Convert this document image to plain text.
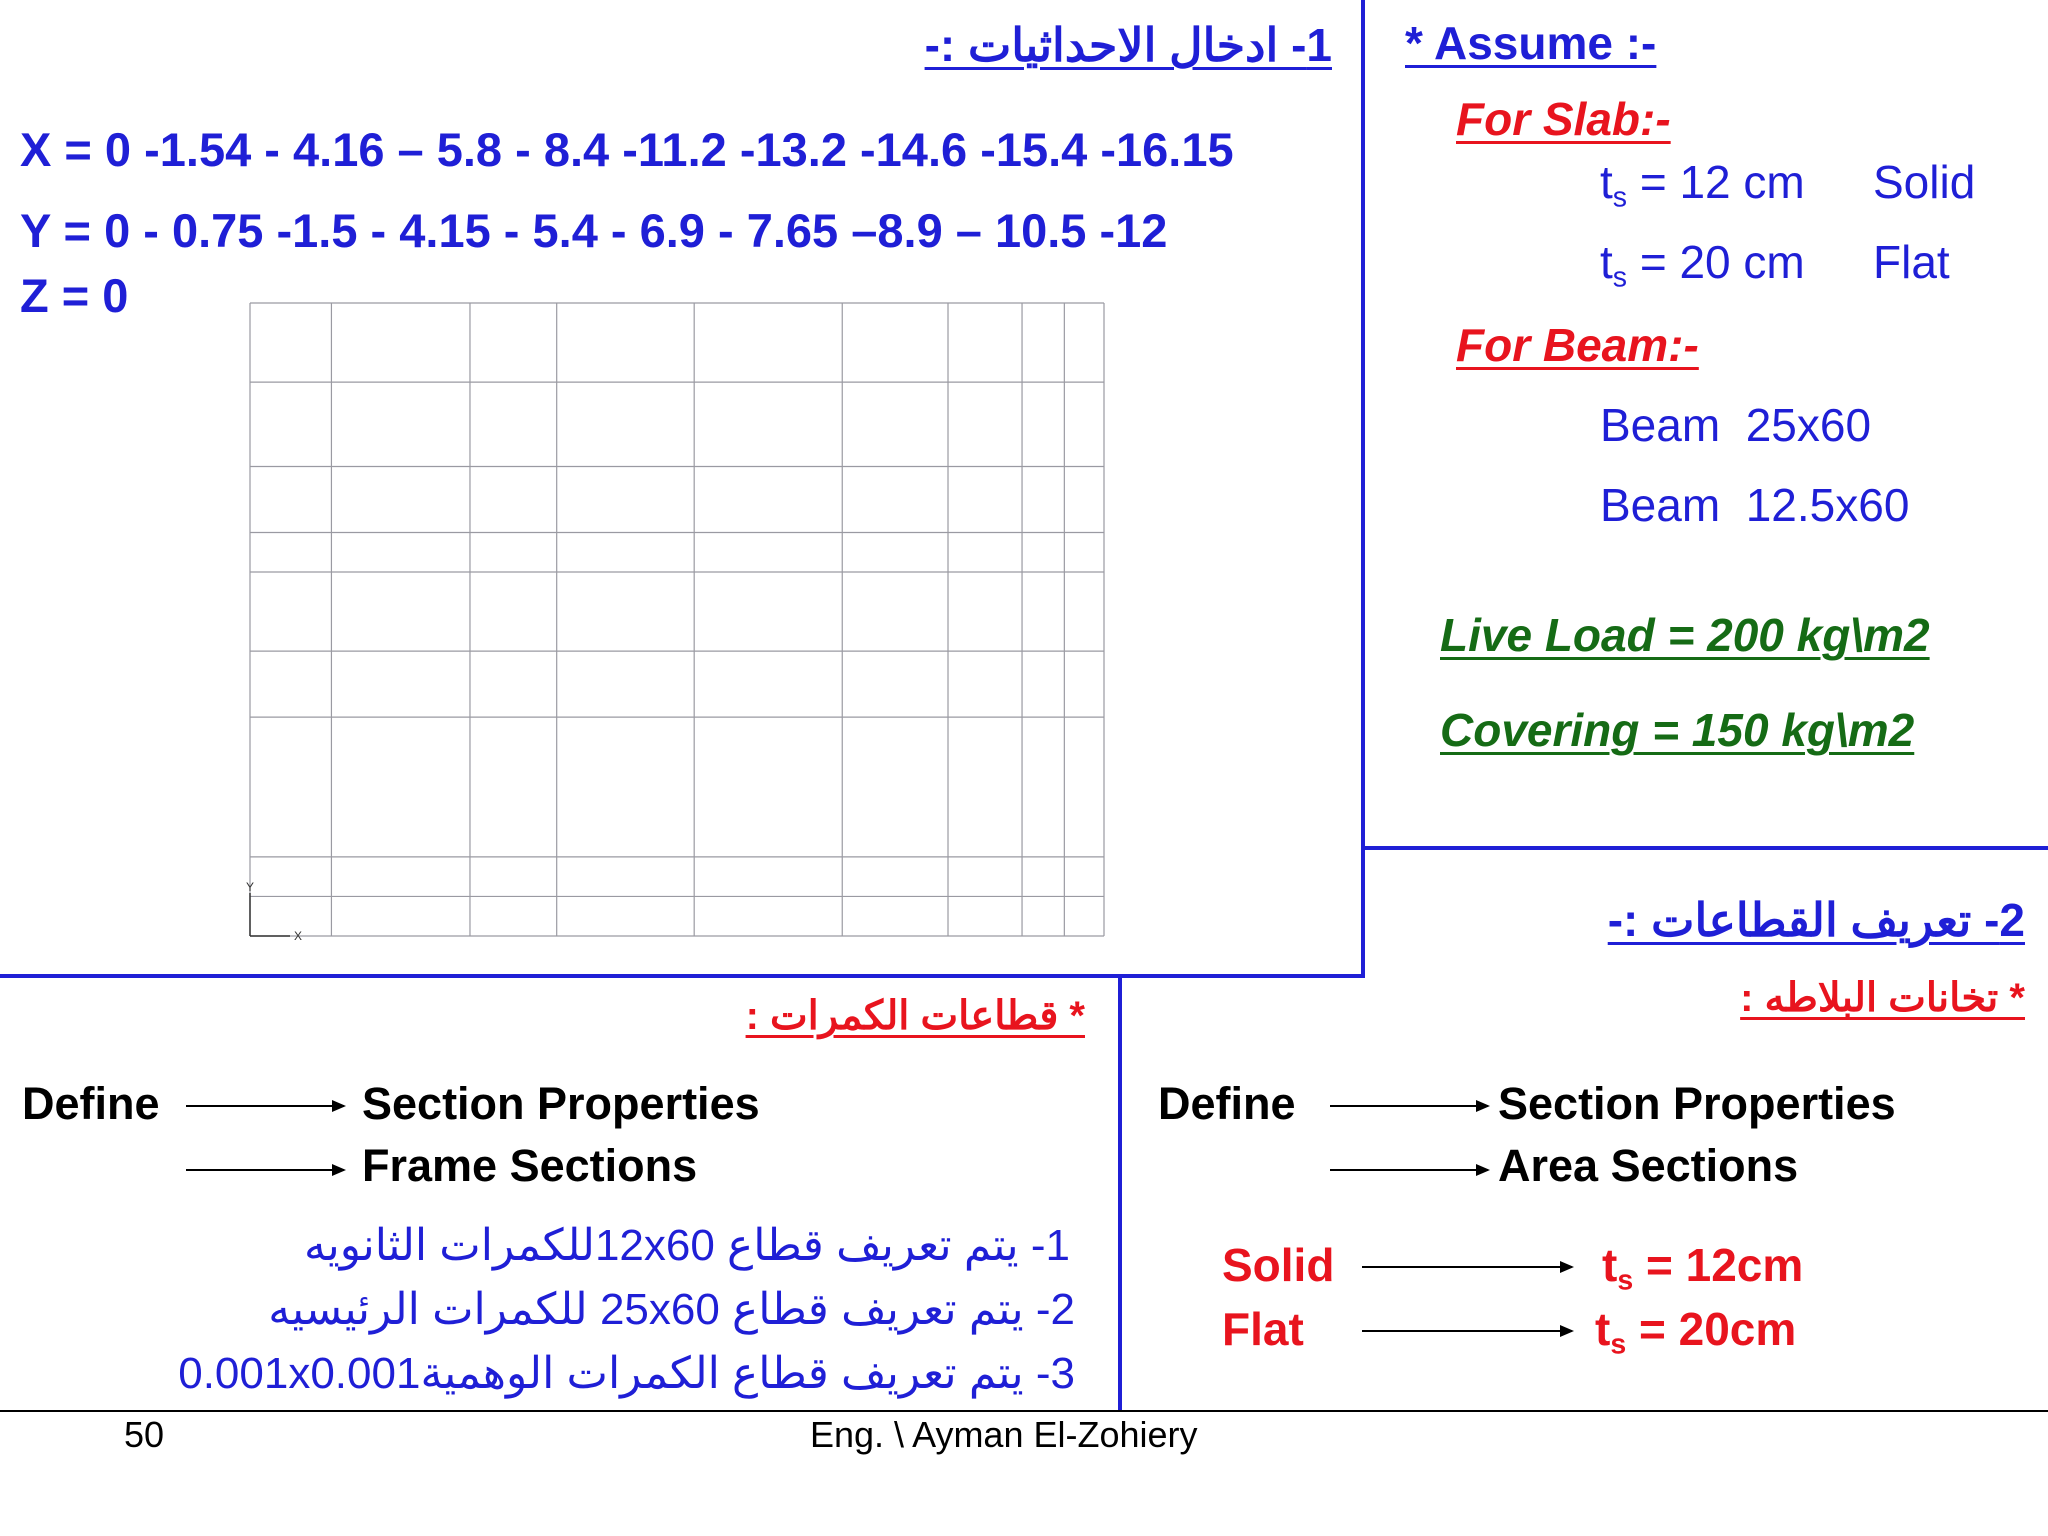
1- ادخال الاحداثيات :-
X = 0 -1.54 - 4.16 – 5.8 - 8.4 -11.2 -13.2 -14.6 -15.4 -16.15
Y = 0 - 0.75 -1.5 - 4.15 - 5.4 - 6.9 - 7.65 –8.9 – 10.5 -12
Z = 0
Y
X
* Assume :-
For Slab:-
$t_s = 12$ cm Solid
$t_s = 20$ cm Flat
For Beam:-
Beam  25x60
Beam  12.5x60
Live Load = 200 kg\m2
Covering = 150 kg\m2
2- تعريف القطاعات :-
* تخانات البلاطه :
Define	Section Properties
Area Sections
Solid	$t_s = 12cm$
Flat	$t_s = 20cm$
* قطاعات الكمرات :
Define	Section Properties
Frame Sections
1- يتم تعريف قطاع 12x60للكمرات الثانويه
2- يتم تعريف قطاع 25x60 للكمرات الرئيسيه
3- يتم تعريف قطاع الكمرات الوهمية0.001x0.001
50	Eng. \ Ayman El-Zohiery
